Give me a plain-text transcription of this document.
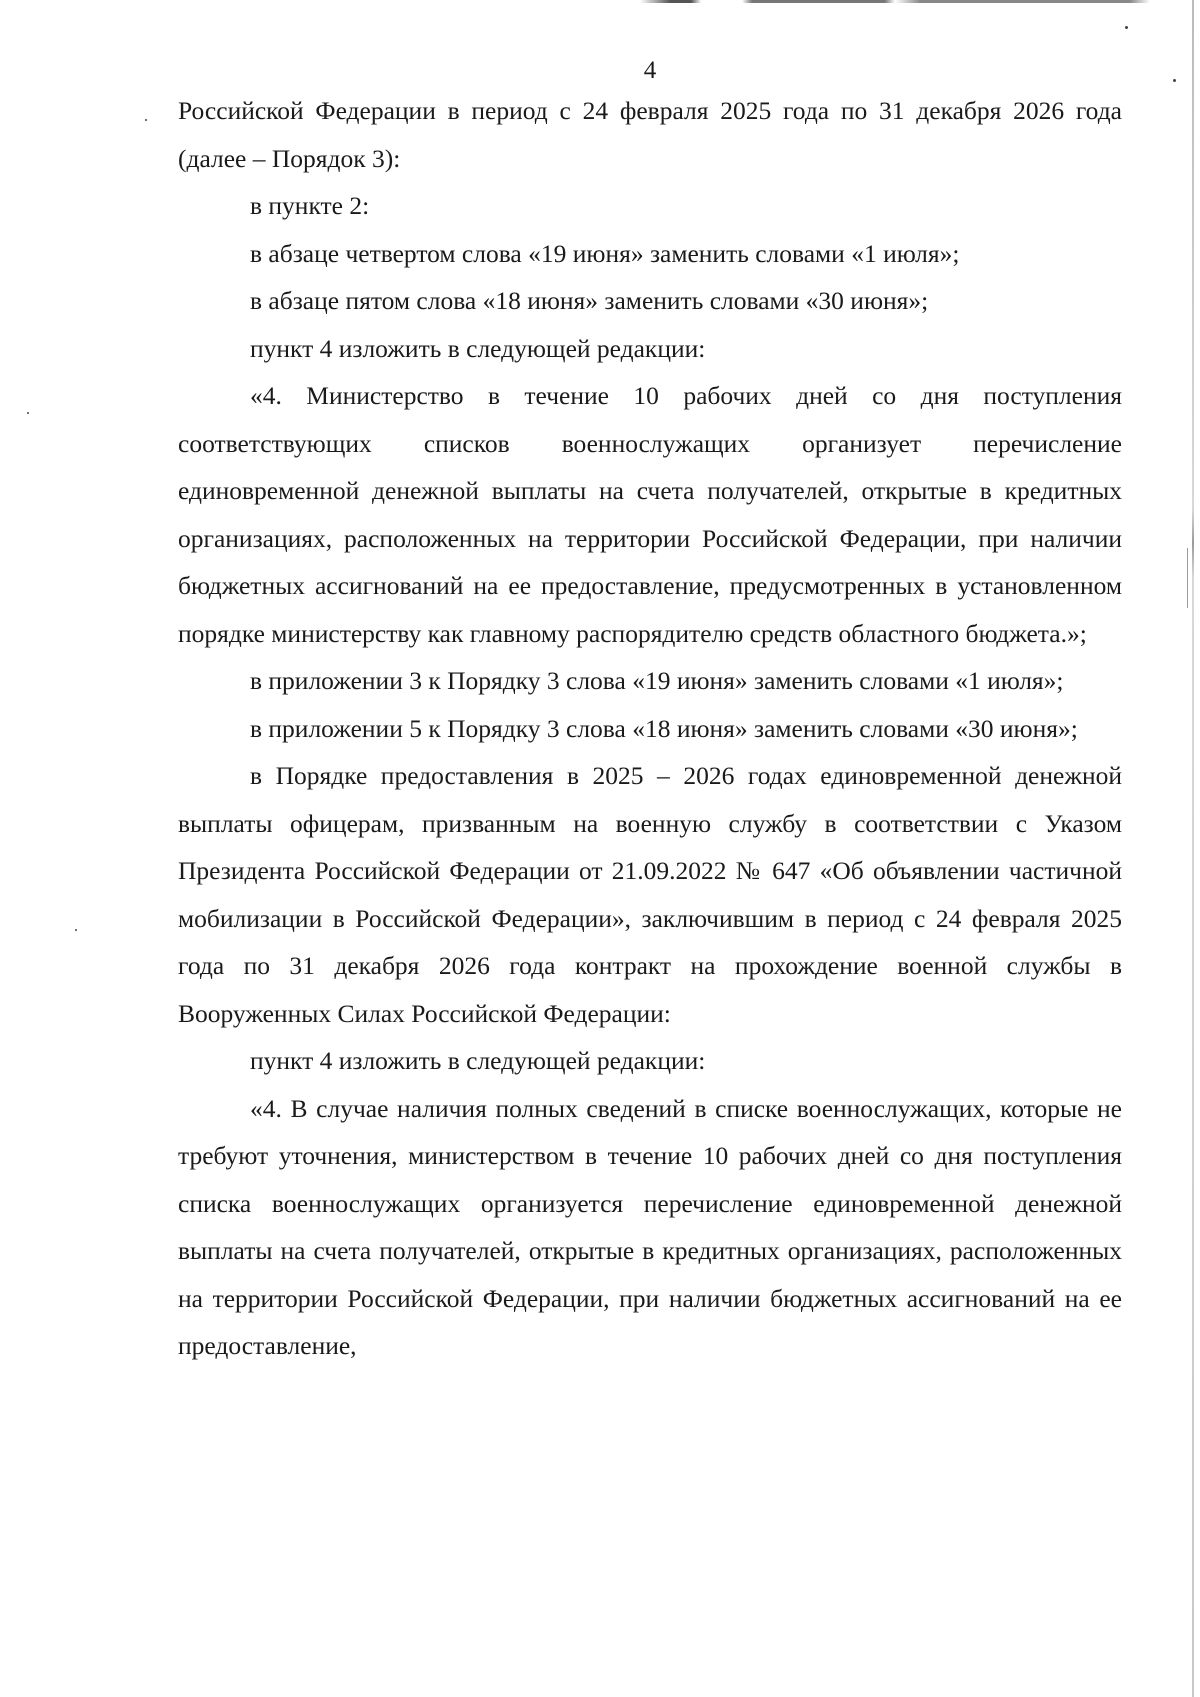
4

Российской Федерации в период с 24 февраля 2025 года по 31 декабря 2026 года (далее – Порядок 3):

в пункте 2:

в абзаце четвертом слова «19 июня» заменить словами «1 июля»;

в абзаце пятом слова «18 июня» заменить словами «30 июня»;

пункт 4 изложить в следующей редакции:

«4. Министерство в течение 10 рабочих дней со дня поступления соответствующих списков военнослужащих организует перечисление единовременной денежной выплаты на счета получателей, открытые в кредитных организациях, расположенных на территории Российской Федерации, при наличии бюджетных ассигнований на ее предоставление, предусмотренных в установленном порядке министерству как главному распорядителю средств областного бюджета.»;

в приложении 3 к Порядку 3 слова «19 июня» заменить словами «1 июля»;

в приложении 5 к Порядку 3 слова «18 июня» заменить словами «30 июня»;

в Порядке предоставления в 2025 – 2026 годах единовременной денежной выплаты офицерам, призванным на военную службу в соответствии с Указом Президента Российской Федерации от 21.09.2022 № 647 «Об объявлении частичной мобилизации в Российской Федерации», заключившим в период с 24 февраля 2025 года по 31 декабря 2026 года контракт на прохождение военной службы в Вооруженных Силах Российской Федерации:

пункт 4 изложить в следующей редакции:

«4. В случае наличия полных сведений в списке военнослужащих, которые не требуют уточнения, министерством в течение 10 рабочих дней со дня поступления списка военнослужащих организуется перечисление единовременной денежной выплаты на счета получателей, открытые в кредитных организациях, расположенных на территории Российской Федерации, при наличии бюджетных ассигнований на ее предоставление,
